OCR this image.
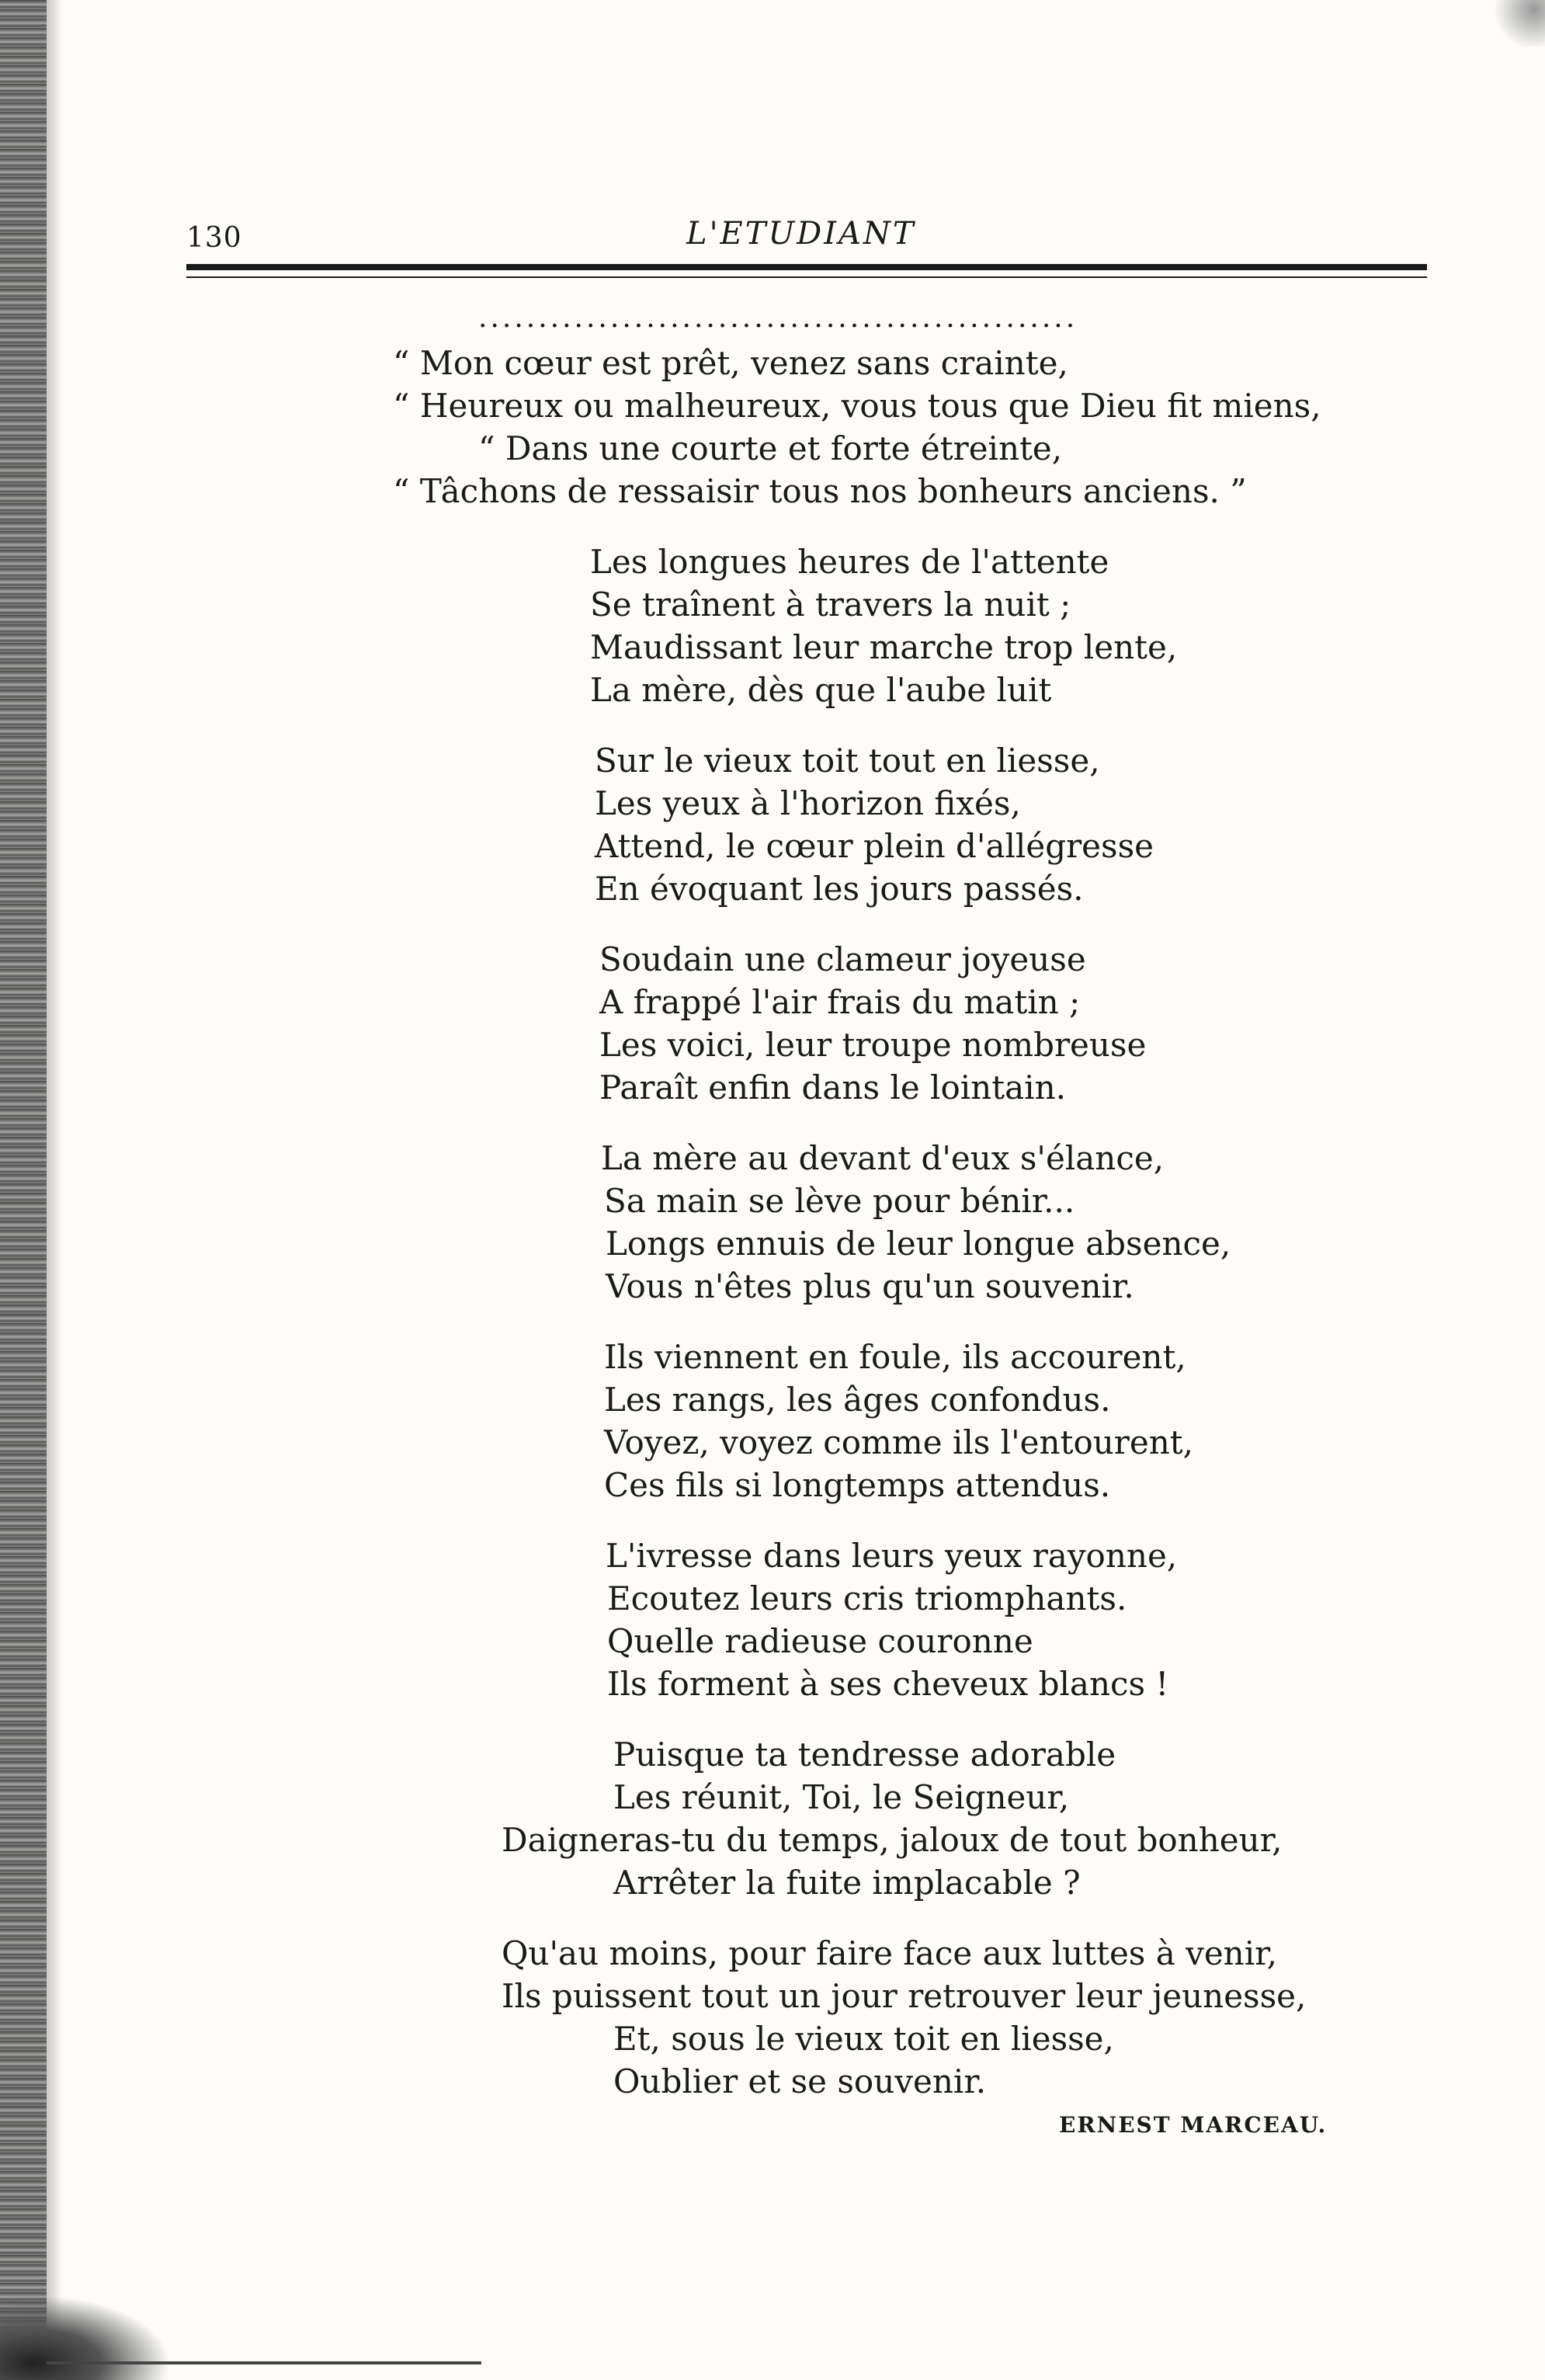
130	L'ETUDIANT
..................................................
“ Mon cœur est prêt, venez sans crainte,
“ Heureux ou malheureux, vous tous que Dieu fit miens,
“ Dans une courte et forte étreinte,
“ Tâchons de ressaisir tous nos bonheurs anciens. ”
Les longues heures de l'attente
Se traînent à travers la nuit ;
Maudissant leur marche trop lente,
La mère, dès que l'aube luit
Sur le vieux toit tout en liesse,
Les yeux à l'horizon fixés,
Attend, le cœur plein d'allégresse
En évoquant les jours passés.
Soudain une clameur joyeuse
A frappé l'air frais du matin ;
Les voici, leur troupe nombreuse
Paraît enfin dans le lointain.
La mère au devant d'eux s'élance,
Sa main se lève pour bénir...
Longs ennuis de leur longue absence,
Vous n'êtes plus qu'un souvenir.
Ils viennent en foule, ils accourent,
Les rangs, les âges confondus.
Voyez, voyez comme ils l'entourent,
Ces fils si longtemps attendus.
L'ivresse dans leurs yeux rayonne,
Ecoutez leurs cris triomphants.
Quelle radieuse couronne
Ils forment à ses cheveux blancs !
Puisque ta tendresse adorable
Les réunit, Toi, le Seigneur,
Daigneras-tu du temps, jaloux de tout bonheur,
Arrêter la fuite implacable ?
Qu'au moins, pour faire face aux luttes à venir,
Ils puissent tout un jour retrouver leur jeunesse,
Et, sous le vieux toit en liesse,
Oublier et se souvenir.
ERNEST MARCEAU.
